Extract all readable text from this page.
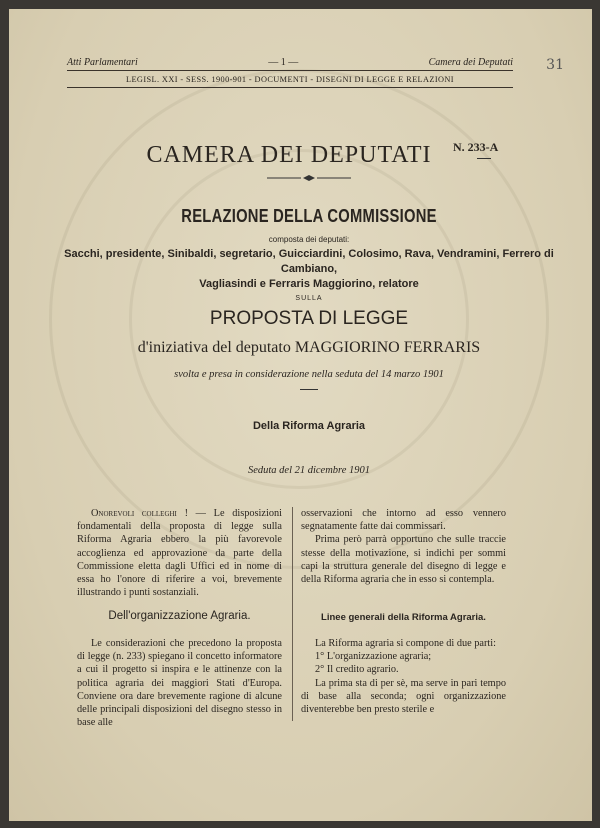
31
Atti Parlamentari	— 1 —	Camera dei Deputati
LEGISL. XXI - SESS. 1900-901 - DOCUMENTI - DISEGNI DI LEGGE E RELAZIONI
CAMERA DEI DEPUTATI	N. 233-A
RELAZIONE DELLA COMMISSIONE
composta dei deputati:
Sacchi, presidente, Sinibaldi, segretario, Guicciardini, Colosimo, Rava, Vendramini, Ferrero di Cambiano,
Vagliasindi e Ferraris Maggiorino, relatore
SULLA
PROPOSTA DI LEGGE
d'iniziativa del deputato MAGGIORINO FERRARIS
svolta e presa in considerazione nella seduta del 14 marzo 1901
Della Riforma Agraria
Seduta del 21 dicembre 1901

Onorevoli colleghi ! — Le disposizioni fondamentali della proposta di legge sulla Riforma Agraria ebbero la più favorevole accoglienza ed approvazione da parte della Commissione eletta dagli Uffici ed in nome di essa ho l'onore di riferire a voi, brevemente illustrando i punti sostanziali.

osservazioni che intorno ad esso vennero segnatamente fatte dai commissari.

Prima però parrà opportuno che sulle traccie stesse della motivazione, si indichi per sommi capi la struttura generale del disegno di legge e della Riforma agraria che in esso si contempla.

Dell'organizzazione Agraria.	Linee generali della Riforma Agraria.

Le considerazioni che precedono la proposta di legge (n. 233) spiegano il concetto informatore a cui il progetto si inspira e le attinenze con la politica agraria dei maggiori Stati d'Europa. Conviene ora dare brevemente ragione di alcune delle principali disposizioni del disegno stesso in base alle

La Riforma agraria si compone di due parti:

1° L'organizzazione agraria;
2° Il credito agrario.

La prima sta di per sè, ma serve in pari tempo di base alla seconda; ogni organizzazione diventerebbe ben presto sterile e
